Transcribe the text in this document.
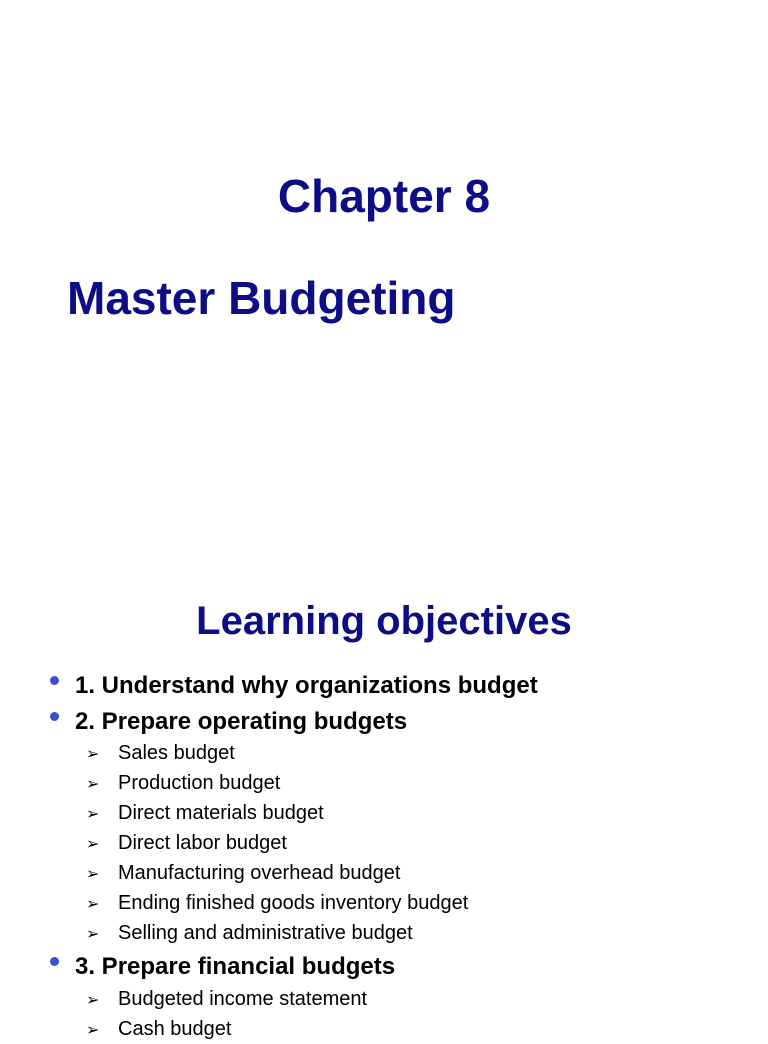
Chapter 8
Master Budgeting
Learning objectives
1. Understand why organizations budget
2. Prepare operating budgets
➢ Sales budget
➢ Production budget
➢ Direct materials budget
➢ Direct labor budget
➢ Manufacturing overhead budget
➢ Ending finished goods inventory budget
➢ Selling and administrative budget
3. Prepare financial budgets
➢ Budgeted income statement
➢ Cash budget
